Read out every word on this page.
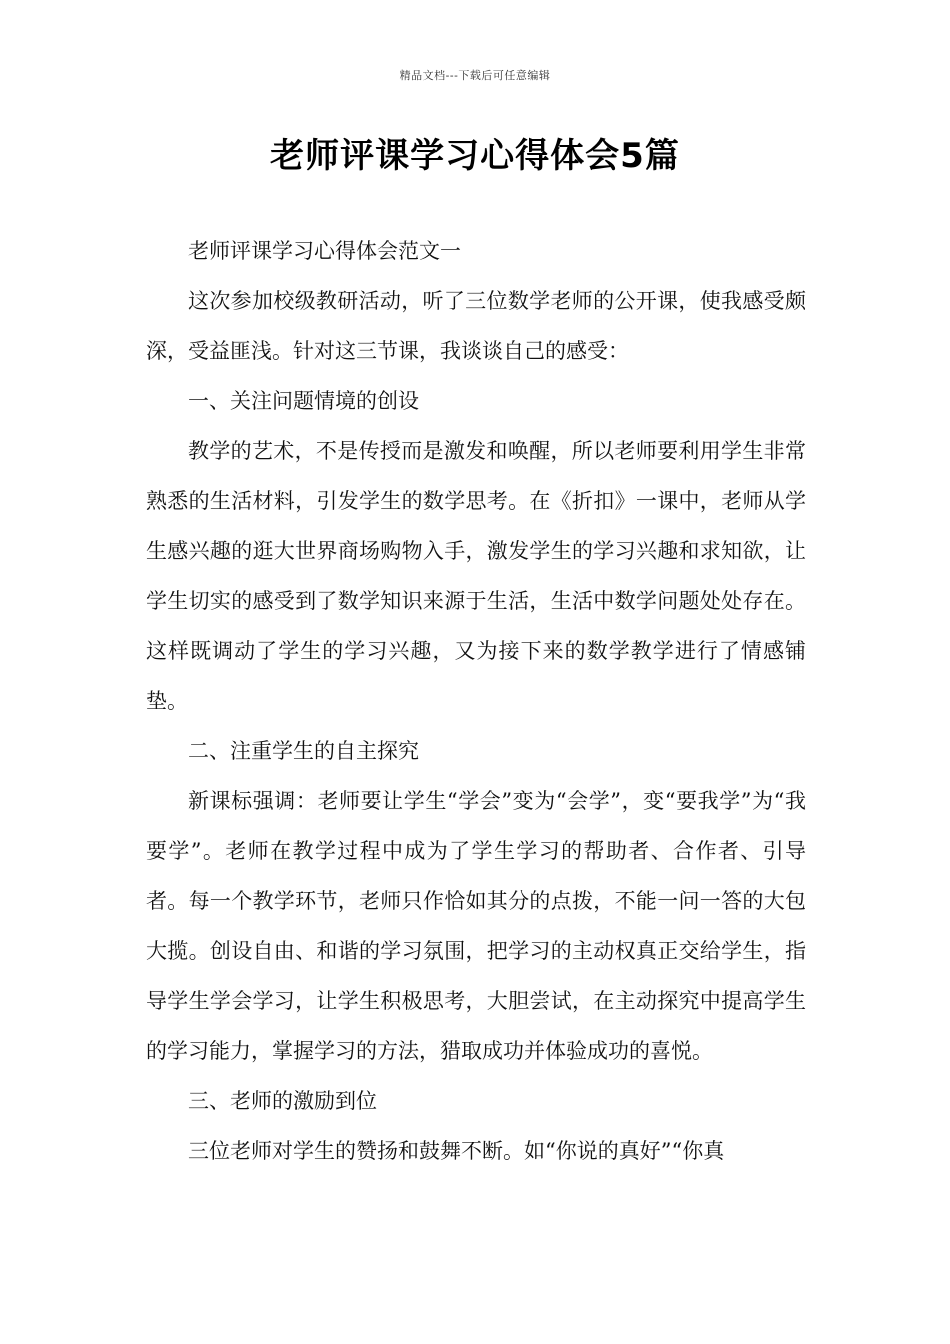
精品文档---下载后可任意编辑
老师评课学习心得体会5篇

老师评课学习心得体会范文一

这次参加校级教研活动，听了三位数学老师的公开课，使我感受颇深，受益匪浅。针对这三节课，我谈谈自己的感受：

一、关注问题情境的创设

教学的艺术，不是传授而是激发和唤醒，所以老师要利用学生非常熟悉的生活材料，引发学生的数学思考。在《折扣》一课中，老师从学生感兴趣的逛大世界商场购物入手，激发学生的学习兴趣和求知欲，让学生切实的感受到了数学知识来源于生活，生活中数学问题处处存在。这样既调动了学生的学习兴趣，又为接下来的数学教学进行了情感铺垫。

二、注重学生的自主探究

新课标强调：老师要让学生“学会”变为“会学”，变“要我学”为“我要学”。老师在教学过程中成为了学生学习的帮助者、合作者、引导者。每一个教学环节，老师只作恰如其分的点拨，不能一问一答的大包大揽。创设自由、和谐的学习氛围，把学习的主动权真正交给学生，指导学生学会学习，让学生积极思考，大胆尝试，在主动探究中提高学生的学习能力，掌握学习的方法，猎取成功并体验成功的喜悦。

三、老师的激励到位

三位老师对学生的赞扬和鼓舞不断。如“你说的真好”“你真
